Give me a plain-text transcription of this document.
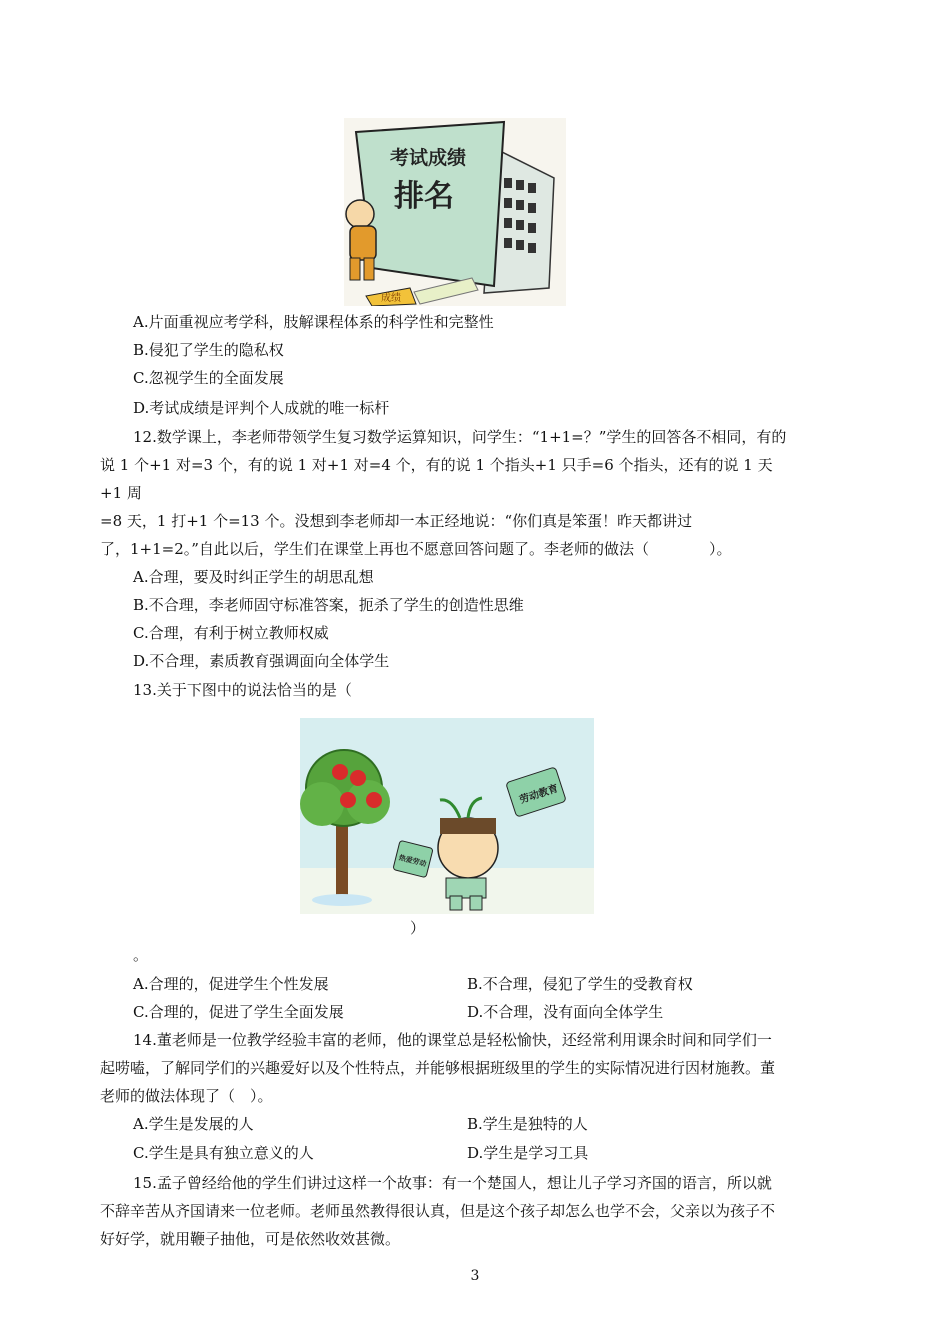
考试成绩
排名
成绩
A.片面重视应考学科，肢解课程体系的科学性和完整性
B.侵犯了学生的隐私权
C.忽视学生的全面发展
D.考试成绩是评判个人成就的唯一标杆
12.数学课上，李老师带领学生复习数学运算知识，问学生：“1+1=？”学生的回答各不相同，有的
说 1 个+1 对=3 个，有的说 1 对+1 对=4 个，有的说 1 个指头+1 只手=6 个指头，还有的说 1 天
+1 周
=8 天，1 打+1 个=13 个。没想到李老师却一本正经地说：“你们真是笨蛋！昨天都讲过
了，1+1=2。”自此以后，学生们在课堂上再也不愿意回答问题了。李老师的做法（　　　　）。
A.合理，要及时纠正学生的胡思乱想
B.不合理，李老师固守标准答案，扼杀了学生的创造性思维
C.合理，有利于树立教师权威
D.不合理，素质教育强调面向全体学生
13.关于下图中的说法恰当的是（
劳动教育
热爱劳动
）
。
A.合理的，促进学生个性发展	B.不合理，侵犯了学生的受教育权
C.合理的，促进了学生全面发展	D.不合理，没有面向全体学生
14.董老师是一位教学经验丰富的老师，他的课堂总是轻松愉快，还经常利用课余时间和同学们一
起唠嗑，了解同学们的兴趣爱好以及个性特点，并能够根据班级里的学生的实际情况进行因材施教。董
老师的做法体现了（　）。
A.学生是发展的人	B.学生是独特的人
C.学生是具有独立意义的人	D.学生是学习工具
15.孟子曾经给他的学生们讲过这样一个故事：有一个楚国人，想让儿子学习齐国的语言，所以就
不辞辛苦从齐国请来一位老师。老师虽然教得很认真，但是这个孩子却怎么也学不会，父亲以为孩子不
好好学，就用鞭子抽他，可是依然收效甚微。
3
